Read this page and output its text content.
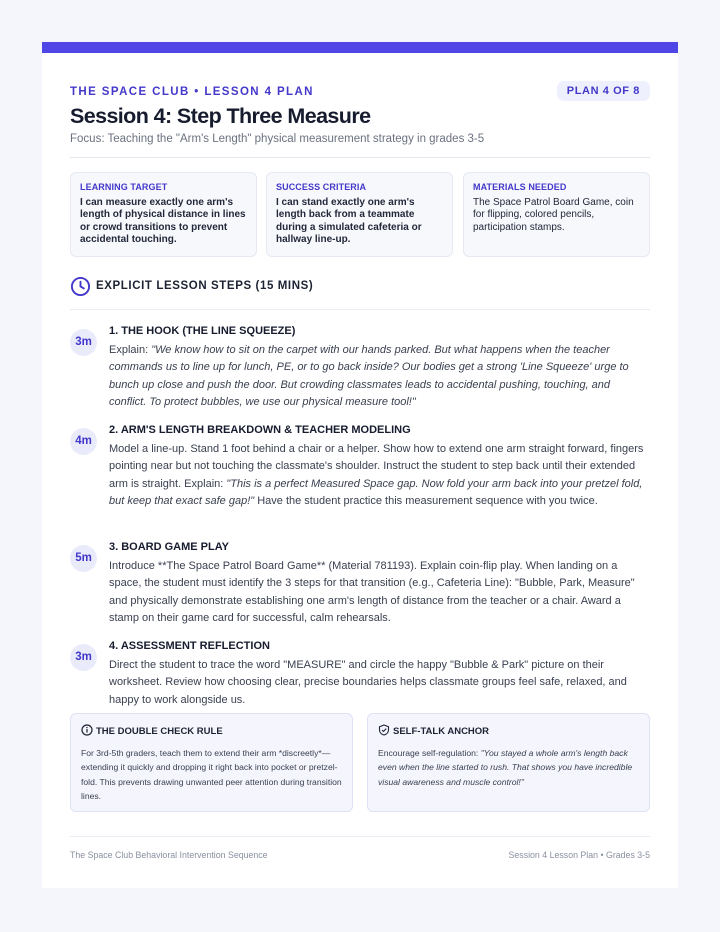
THE SPACE CLUB • LESSON 4 PLAN	PLAN 4 OF 8
Session 4: Step Three Measure
Focus: Teaching the "Arm's Length" physical measurement strategy in grades 3-5
LEARNING TARGET
I can measure exactly one arm's length of physical distance in lines or crowd transitions to prevent accidental touching.
SUCCESS CRITERIA
I can stand exactly one arm's length back from a teammate during a simulated cafeteria or hallway line-up.
MATERIALS NEEDED
The Space Patrol Board Game, coin for flipping, colored pencils, participation stamps.
EXPLICIT LESSON STEPS (15 MINS)
3m
1. THE HOOK (THE LINE SQUEEZE)
Explain: "We know how to sit on the carpet with our hands parked. But what happens when the teacher commands us to line up for lunch, PE, or to go back inside? Our bodies get a strong 'Line Squeeze' urge to bunch up close and push the door. But crowding classmates leads to accidental pushing, touching, and conflict. To protect bubbles, we use our physical measure tool!"
4m
2. ARM'S LENGTH BREAKDOWN & TEACHER MODELING
Model a line-up. Stand 1 foot behind a chair or a helper. Show how to extend one arm straight forward, fingers pointing near but not touching the classmate's shoulder. Instruct the student to step back until their extended arm is straight. Explain: "This is a perfect Measured Space gap. Now fold your arm back into your pretzel fold, but keep that exact safe gap!" Have the student practice this measurement sequence with you twice.
5m
3. BOARD GAME PLAY
Introduce **The Space Patrol Board Game** (Material 781193). Explain coin-flip play. When landing on a space, the student must identify the 3 steps for that transition (e.g., Cafeteria Line): "Bubble, Park, Measure" and physically demonstrate establishing one arm's length of distance from the teacher or a chair. Award a stamp on their game card for successful, calm rehearsals.
3m
4. ASSESSMENT REFLECTION
Direct the student to trace the word "MEASURE" and circle the happy "Bubble & Park" picture on their worksheet. Review how choosing clear, precise boundaries helps classmate groups feel safe, relaxed, and happy to work alongside us.
THE DOUBLE CHECK RULE
For 3rd-5th graders, teach them to extend their arm *discreetly*—extending it quickly and dropping it right back into pocket or pretzel-fold. This prevents drawing unwanted peer attention during transition lines.
SELF-TALK ANCHOR
Encourage self-regulation: "You stayed a whole arm's length back even when the line started to rush. That shows you have incredible visual awareness and muscle control!"
The Space Club Behavioral Intervention Sequence	Session 4 Lesson Plan • Grades 3-5
